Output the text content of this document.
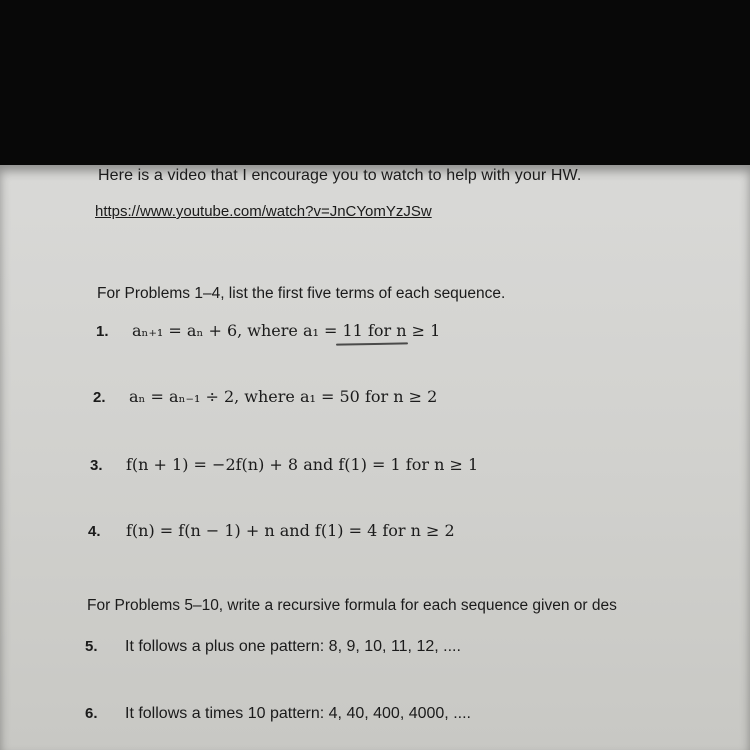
Here is a video that I encourage you to watch to help with your HW.
https://www.youtube.com/watch?v=JnCYomYzJSw
For Problems 1–4, list the first five terms of each sequence.
1. aₙ₊₁ = aₙ + 6, where a₁ = 11 for n ≥ 1
2. aₙ = aₙ₋₁ ÷ 2, where a₁ = 50 for n ≥ 2
3. f(n + 1) = −2f(n) + 8 and f(1) = 1 for n ≥ 1
4. f(n) = f(n − 1) + n and f(1) = 4 for n ≥ 2
For Problems 5–10, write a recursive formula for each sequence given or des
5. It follows a plus one pattern: 8, 9, 10, 11, 12, ....
6. It follows a times 10 pattern: 4, 40, 400, 4000, ....
